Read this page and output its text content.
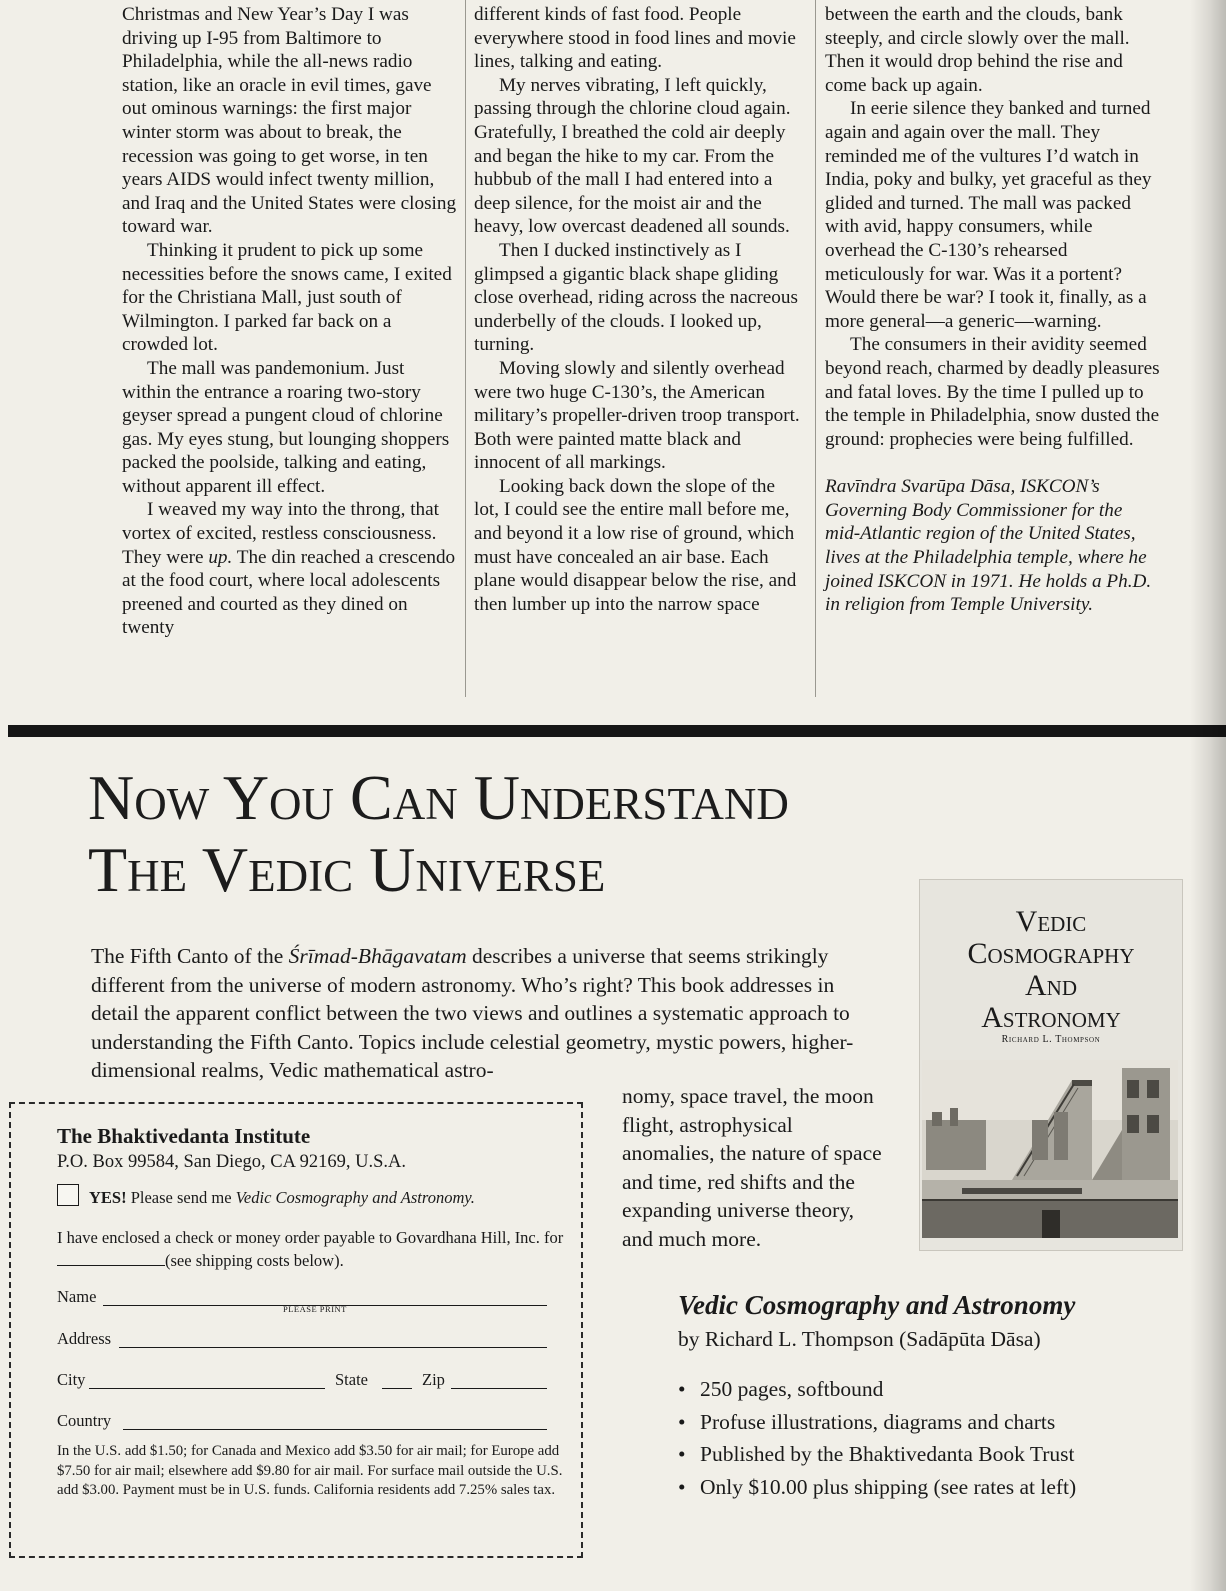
Christmas and New Year’s Day I was driving up I-95 from Baltimore to Philadelphia, while the all-news radio station, like an oracle in evil times, gave out ominous warnings: the first major winter storm was about to break, the recession was going to get worse, in ten years AIDS would infect twenty million, and Iraq and the United States were closing toward war.

Thinking it prudent to pick up some necessities before the snows came, I exited for the Christiana Mall, just south of Wilmington. I parked far back on a crowded lot.

The mall was pandemonium. Just within the entrance a roaring two-story geyser spread a pungent cloud of chlorine gas. My eyes stung, but lounging shoppers packed the poolside, talking and eating, without apparent ill effect.

I weaved my way into the throng, that vortex of excited, restless consciousness. They were up. The din reached a crescendo at the food court, where local adolescents preened and courted as they dined on twenty

different kinds of fast food. People everywhere stood in food lines and movie lines, talking and eating.

My nerves vibrating, I left quickly, passing through the chlorine cloud again. Gratefully, I breathed the cold air deeply and began the hike to my car. From the hubbub of the mall I had entered into a deep silence, for the moist air and the heavy, low overcast deadened all sounds.

Then I ducked instinctively as I glimpsed a gigantic black shape gliding close overhead, riding across the nacreous underbelly of the clouds. I looked up, turning.

Moving slowly and silently overhead were two huge C-130’s, the American military’s propeller-driven troop transport. Both were painted matte black and innocent of all markings.

Looking back down the slope of the lot, I could see the entire mall before me, and beyond it a low rise of ground, which must have concealed an air base. Each plane would disappear below the rise, and then lumber up into the narrow space

between the earth and the clouds, bank steeply, and circle slowly over the mall. Then it would drop behind the rise and come back up again.

In eerie silence they banked and turned again and again over the mall. They reminded me of the vultures I’d watch in India, poky and bulky, yet graceful as they glided and turned. The mall was packed with avid, happy consumers, while overhead the C-130’s rehearsed meticulously for war. Was it a portent? Would there be war? I took it, finally, as a more general—a generic—warning.

The consumers in their avidity seemed beyond reach, charmed by deadly pleasures and fatal loves. By the time I pulled up to the temple in Philadelphia, snow dusted the ground: prophecies were being fulfilled.

Ravīndra Svarūpa Dāsa, ISKCON’s Governing Body Commissioner for the mid-Atlantic region of the United States, lives at the Philadelphia temple, where he joined ISKCON in 1971. He holds a Ph.D. in religion from Temple University.

Now You Can Understand
The Vedic Universe

The Fifth Canto of the Śrīmad-Bhāgavatam describes a universe that seems strikingly different from the universe of modern astronomy. Who’s right? This book addresses in detail the apparent conflict between the two views and outlines a systematic approach to understanding the Fifth Canto. Topics include celestial geometry, mystic powers, higher-dimensional realms, Vedic mathematical astro-

nomy, space travel, the moon flight, astrophysical anomalies, the nature of space and time, red shifts and the expanding universe theory, and much more.

Vedic
Cosmography
And
Astronomy

Richard L. Thompson

The Bhaktivedanta Institute

P.O. Box 99584, San Diego, CA 92169, U.S.A.

YES! Please send me Vedic Cosmography and Astronomy.

I have enclosed a check or money order payable to Govardhana Hill, Inc. for (see shipping costs below).

Name

PLEASE PRINT

Address

City	State	Zip

Country

In the U.S. add $1.50; for Canada and Mexico add $3.50 for air mail; for Europe add $7.50 for air mail; elsewhere add $9.80 for air mail. For surface mail outside the U.S. add $3.00. Payment must be in U.S. funds. California residents add 7.25% sales tax.

Vedic Cosmography and Astronomy

by Richard L. Thompson (Sadāpūta Dāsa)

• 250 pages, softbound
• Profuse illustrations, diagrams and charts
• Published by the Bhaktivedanta Book Trust
• Only $10.00 plus shipping (see rates at left)
